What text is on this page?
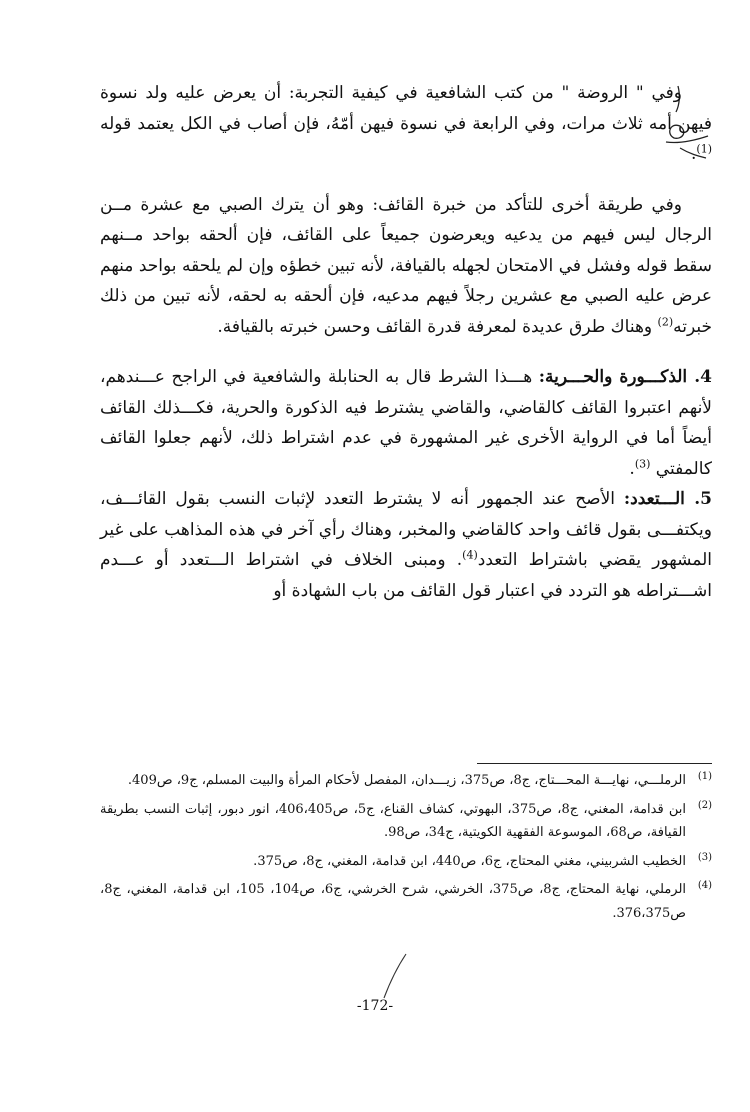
وفي " الروضة " من كتب الشافعية في كيفية التجربة: أن يعرض عليه ولد نسوة فيهن أمه ثلاث مرات، وفي الرابعة في نسوة فيهن أمّهُ، فإن أصاب في الكل يعتمد قوله $^{(1)}$.

وفي طريقة أخرى للتأكد من خبرة القائف: وهو أن يترك الصبي مع عشرة مــن الرجال ليس فيهم من يدعيه ويعرضون جميعاً على القائف، فإن ألحقه بواحد مــنهم سقط قوله وفشل في الامتحان لجهله بالقيافة، لأنه تبين خطؤه وإن لم يلحقه بواحد منهم عرض عليه الصبي مع عشرين رجلاً فيهم مدعيه، فإن ألحقه به لحقه، لأنه تبين من ذلك خبرته$^{(2)}$ وهناك طرق عديدة لمعرفة قدرة القائف وحسن خبرته بالقيافة.

4. الذكـــورة والحـــرية: هـــذا الشرط قال به الحنابلة والشافعية في الراجح عـــندهم، لأنهم اعتبروا القائف كالقاضي، والقاضي يشترط فيه الذكورة والحرية، فكـــذلك القائف أيضاً أما في الرواية الأخرى غير المشهورة في عدم اشتراط ذلك، لأنهم جعلوا القائف كالمفتي $^{(3)}$.

5. الـــتعدد: الأصح عند الجمهور أنه لا يشترط التعدد لإثبات النسب بقول القائـــف، ويكتفـــى بقول قائف واحد كالقاضي والمخبر، وهناك رأي آخر في هذه المذاهب على غير المشهور يقضي باشتراط التعدد$^{(4)}$. ومبنى الخلاف في اشتراط الـــتعدد أو عـــدم اشـــتراطه هو التردد في اعتبار قول القائف من باب الشهادة أو

(1)الرملـــي، نهايـــة المحـــتاج، ج8، ص375، زيـــدان، المفصل لأحكام المرأة والبيت المسلم، ج9، ص409.

(2)ابن قدامة، المغني، ج8، ص375، البهوتي، كشاف القناع، ج5، ص406،405، انور دبور، إثبات النسب بطريقة القيافة، ص68، الموسوعة الفقهية الكويتية، ج34، ص98.

(3)الخطيب الشربيني، مغني المحتاج، ج6، ص440، ابن قدامة، المغني، ج8، ص375.

(4)الرملي، نهاية المحتاج، ج8، ص375، الخرشي، شرح الخرشي، ج6، ص104، 105، ابن قدامة، المغني، ج8، ص376،375.

-172-
